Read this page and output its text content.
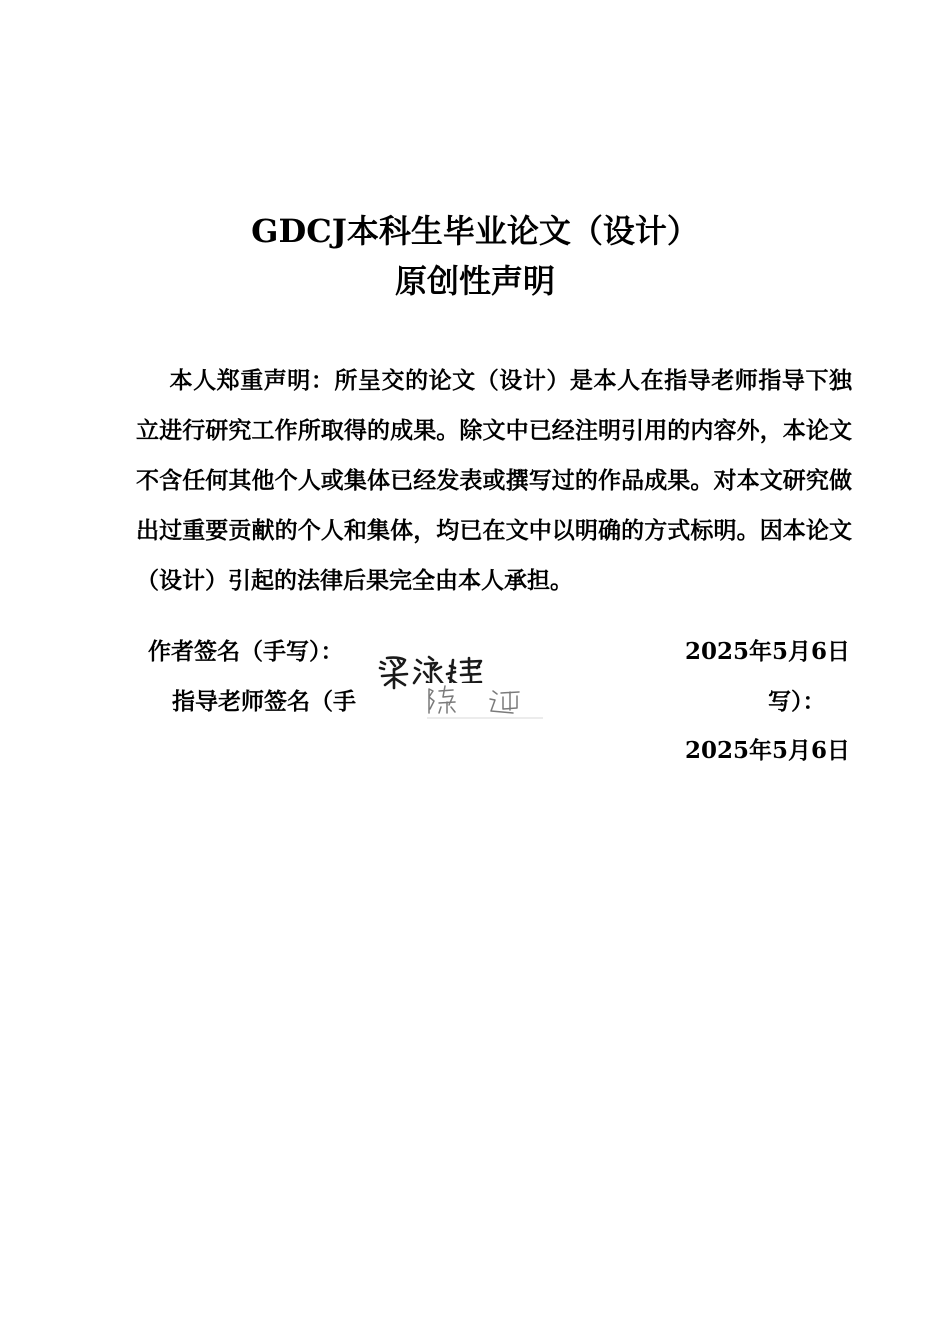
GDCJ本科生毕业论文（设计）
原创性声明

本人郑重声明：所呈交的论文（设计）是本人在指导老师指导下独立进行研究工作所取得的成果。除文中已经注明引用的内容外，本论文不含任何其他个人或集体已经发表或撰写过的作品成果。对本文研究做出过重要贡献的个人和集体，均已在文中以明确的方式标明。因本论文（设计）引起的法律后果完全由本人承担。

作者签名（手写）：	2025年5月6日
指导老师签名（手	写）：
2025年5月6日
